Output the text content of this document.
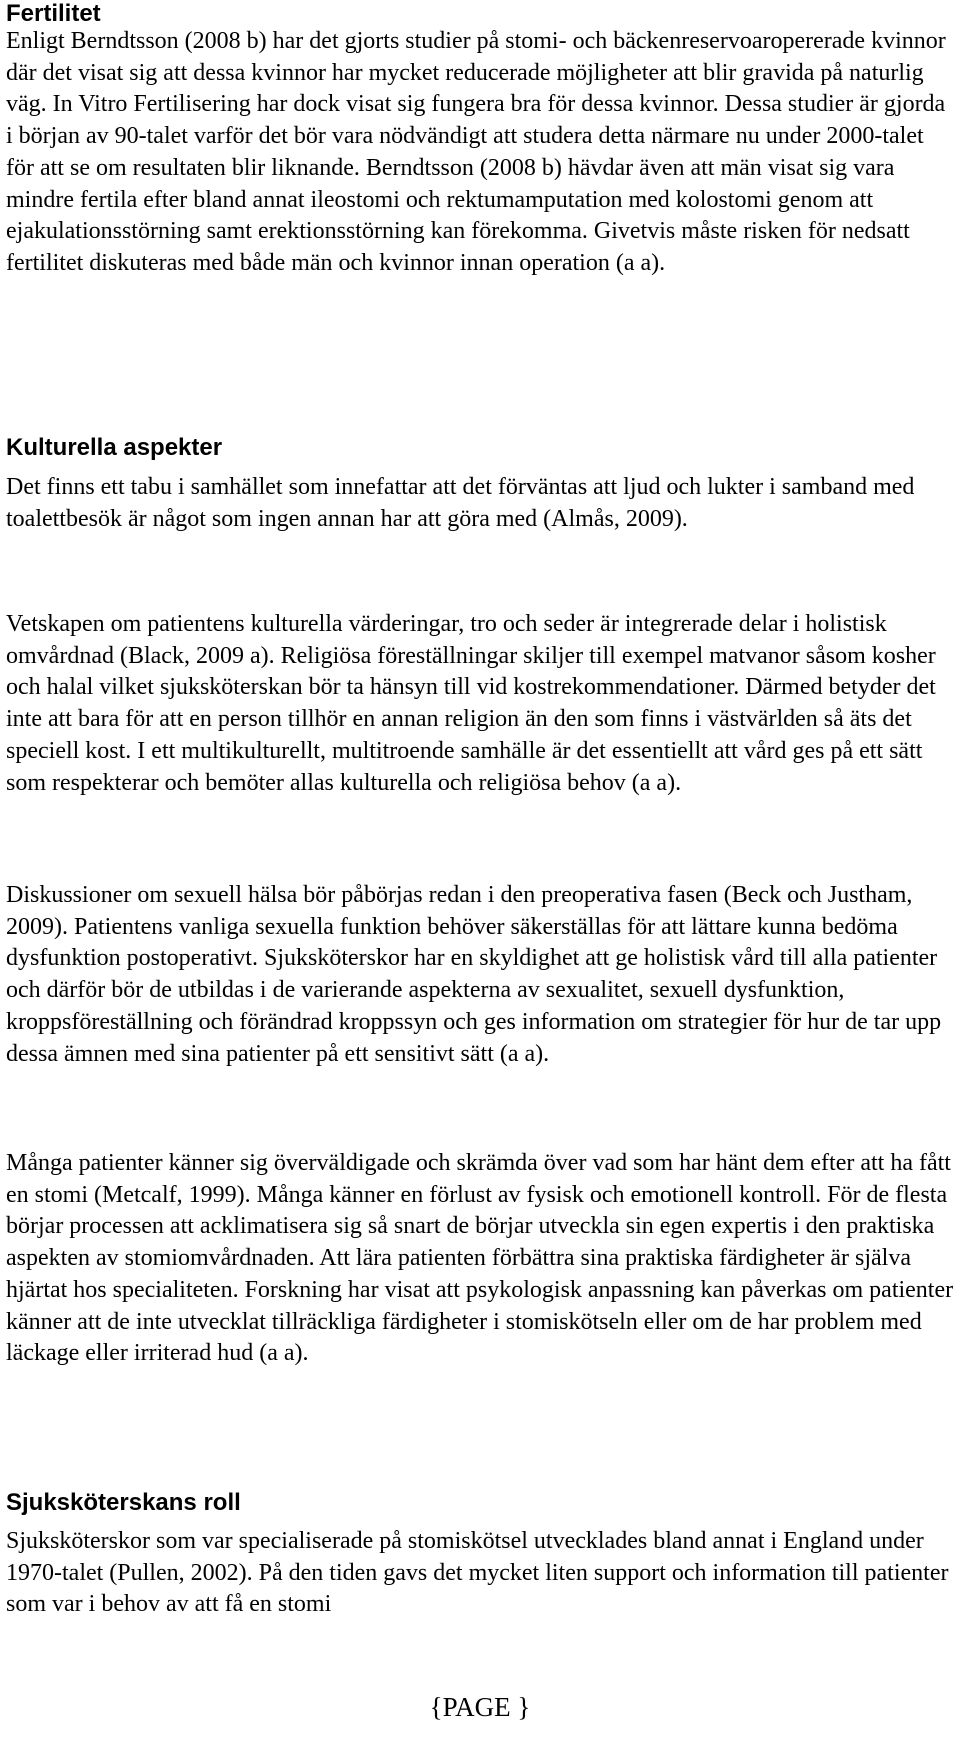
Fertilitet

Enligt Berndtsson (2008 b) har det gjorts studier på stomi- och bäckenreservoaropererade kvinnor där det visat sig att dessa kvinnor har mycket reducerade möjligheter att blir gravida på naturlig väg. In Vitro Fertilisering har dock visat sig fungera bra för dessa kvinnor. Dessa studier är gjorda i början av 90-talet varför det bör vara nödvändigt att studera detta närmare nu under 2000-talet för att se om resultaten blir liknande. Berndtsson (2008 b) hävdar även att män visat sig vara mindre fertila efter bland annat ileostomi och rektumamputation med kolostomi genom att ejakulationsstörning samt erektionsstörning kan förekomma. Givetvis måste risken för nedsatt fertilitet diskuteras med både män och kvinnor innan operation (a a).

Kulturella aspekter

Det finns ett tabu i samhället som innefattar att det förväntas att ljud och lukter i samband med toalettbesök är något som ingen annan har att göra med (Almås, 2009).

Vetskapen om patientens kulturella värderingar, tro och seder är integrerade delar i holistisk omvårdnad (Black, 2009 a). Religiösa föreställningar skiljer till exempel matvanor såsom kosher och halal vilket sjuksköterskan bör ta hänsyn till vid kostrekommendationer. Därmed betyder det inte att bara för att en person tillhör en annan religion än den som finns i västvärlden så äts det speciell kost. I ett multikulturellt, multitroende samhälle är det essentiellt att vård ges på ett sätt som respekterar och bemöter allas kulturella och religiösa behov (a a).

Diskussioner om sexuell hälsa bör påbörjas redan i den preoperativa fasen (Beck och Justham, 2009). Patientens vanliga sexuella funktion behöver säkerställas för att lättare kunna bedöma dysfunktion postoperativt. Sjuksköterskor har en skyldighet att ge holistisk vård till alla patienter och därför bör de utbildas i de varierande aspekterna av sexualitet, sexuell dysfunktion, kroppsföreställning och förändrad kroppssyn och ges information om strategier för hur de tar upp dessa ämnen med sina patienter på ett sensitivt sätt (a a).

Många patienter känner sig överväldigade och skrämda över vad som har hänt dem efter att ha fått en stomi (Metcalf, 1999). Många känner en förlust av fysisk och emotionell kontroll. För de flesta börjar processen att acklimatisera sig så snart de börjar utveckla sin egen expertis i den praktiska aspekten av stomiomvårdnaden. Att lära patienten förbättra sina praktiska färdigheter är själva hjärtat hos specialiteten. Forskning har visat att psykologisk anpassning kan påverkas om patienter känner att de inte utvecklat tillräckliga färdigheter i stomiskötseln eller om de har problem med läckage eller irriterad hud (a a).

Sjuksköterskans roll

Sjuksköterskor som var specialiserade på stomiskötsel utvecklades bland annat i England under 1970-talet (Pullen, 2002). På den tiden gavs det mycket liten support och information till patienter som var i behov av att få en stomi

{PAGE }
